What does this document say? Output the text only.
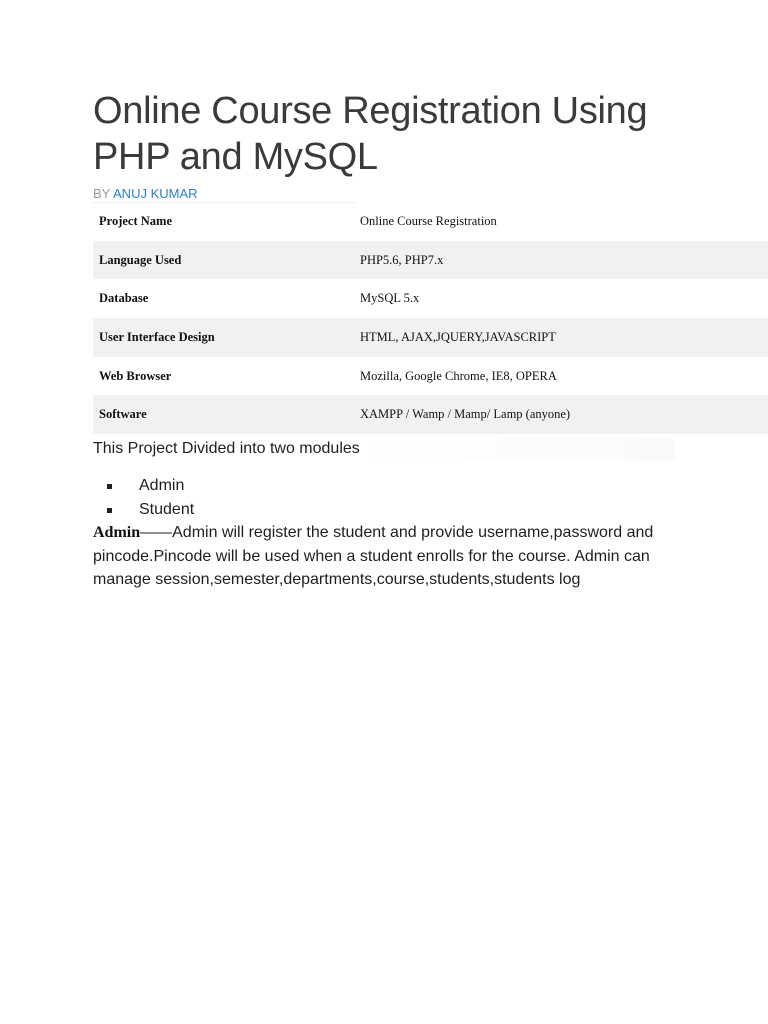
Online Course Registration Using PHP and MySQL
BY ANUJ KUMAR
Project Name	Online Course Registration
Language Used	PHP5.6, PHP7.x
Database	MySQL 5.x
User Interface Design	HTML, AJAX,JQUERY,JAVASCRIPT
Web Browser	Mozilla, Google Chrome, IE8, OPERA
Software	XAMPP / Wamp / Mamp/ Lamp (anyone)
This Project Divided into two modules
Admin
Student

Admin——Admin will register the student and provide username,password and pincode.Pincode will be used when a student enrolls for the course. Admin can manage session,semester,departments,course,students,students log
